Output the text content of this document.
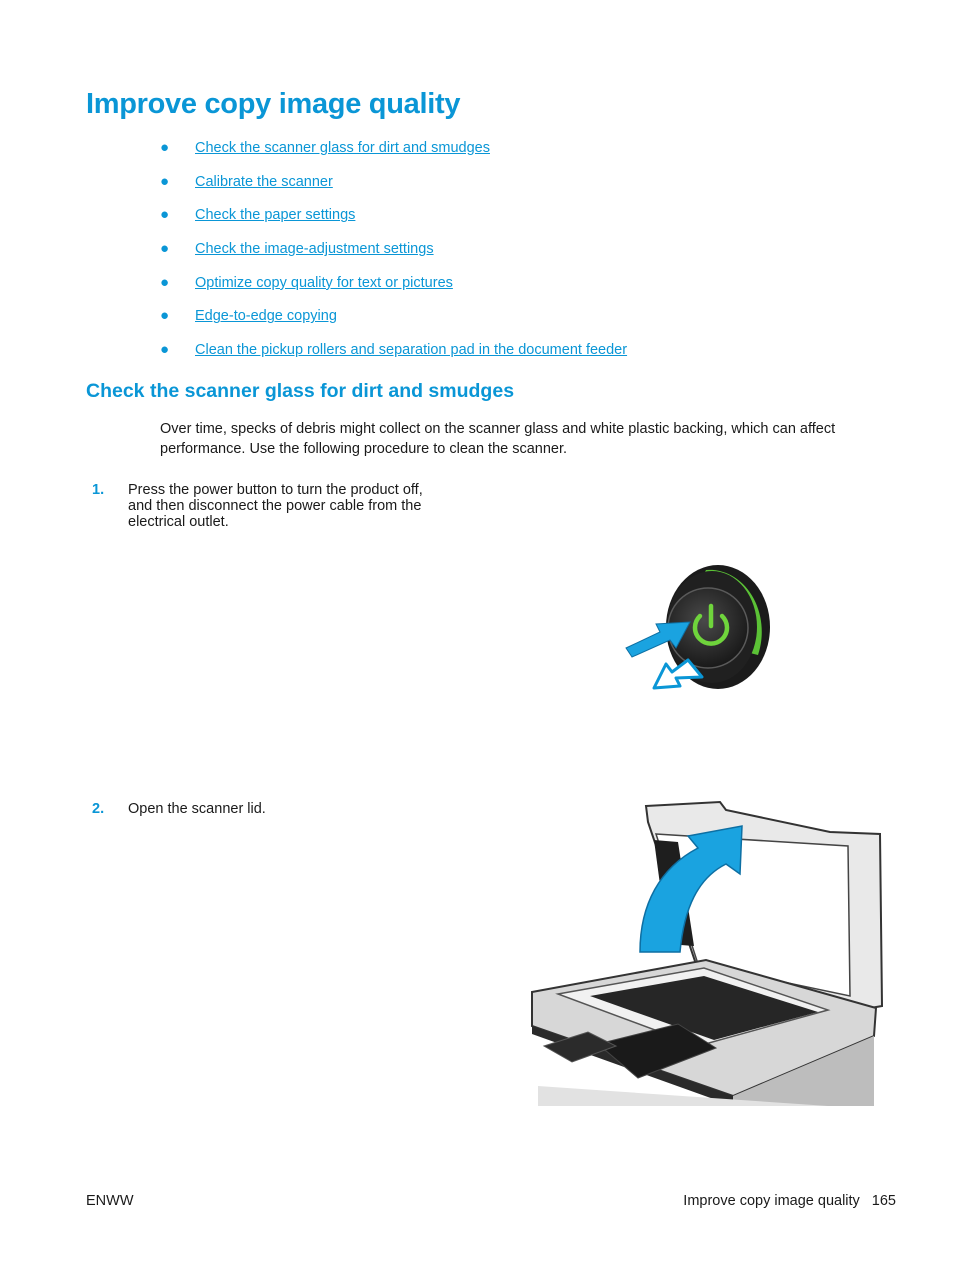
Improve copy image quality
●	Check the scanner glass for dirt and smudges
●	Calibrate the scanner
●	Check the paper settings
●	Check the image-adjustment settings
●	Optimize copy quality for text or pictures
●	Edge-to-edge copying
●	Clean the pickup rollers and separation pad in the document feeder
Check the scanner glass for dirt and smudges

Over time, specks of debris might collect on the scanner glass and white plastic backing, which can affect performance. Use the following procedure to clean the scanner.

1. Press the power button to turn the product off, and then disconnect the power cable from the electrical outlet.
2. Open the scanner lid.
ENWW	Improve copy image quality 165
